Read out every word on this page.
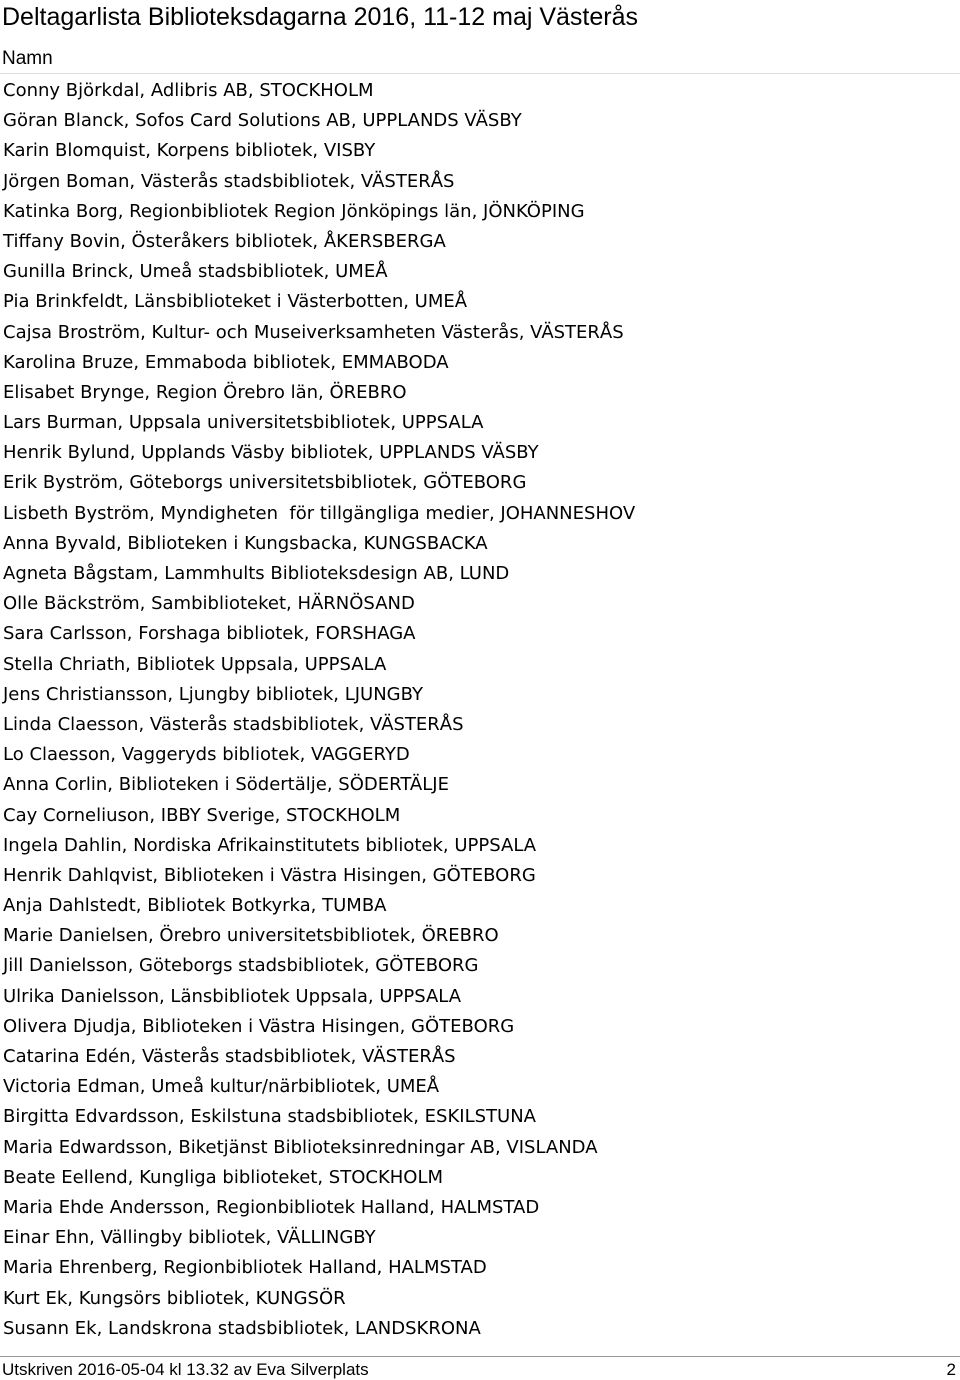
Deltagarlista Biblioteksdagarna 2016, 11-12 maj Västerås
Namn
Conny Björkdal, Adlibris AB, STOCKHOLM
Göran Blanck, Sofos Card Solutions AB, UPPLANDS VÄSBY
Karin Blomquist, Korpens bibliotek, VISBY
Jörgen Boman, Västerås stadsbibliotek, VÄSTERÅS
Katinka Borg, Regionbibliotek Region Jönköpings län, JÖNKÖPING
Tiffany Bovin, Österåkers bibliotek, ÅKERSBERGA
Gunilla Brinck, Umeå stadsbibliotek, UMEÅ
Pia Brinkfeldt, Länsbiblioteket i Västerbotten, UMEÅ
Cajsa Broström, Kultur- och Museiverksamheten Västerås, VÄSTERÅS
Karolina Bruze, Emmaboda bibliotek, EMMABODA
Elisabet Brynge, Region Örebro län, ÖREBRO
Lars Burman, Uppsala universitetsbibliotek, UPPSALA
Henrik Bylund, Upplands Väsby bibliotek, UPPLANDS VÄSBY
Erik Byström, Göteborgs universitetsbibliotek, GÖTEBORG
Lisbeth Byström, Myndigheten  för tillgängliga medier, JOHANNESHOV
Anna Byvald, Biblioteken i Kungsbacka, KUNGSBACKA
Agneta Bågstam, Lammhults Biblioteksdesign AB, LUND
Olle Bäckström, Sambiblioteket, HÄRNÖSAND
Sara Carlsson, Forshaga bibliotek, FORSHAGA
Stella Chriath, Bibliotek Uppsala, UPPSALA
Jens Christiansson, Ljungby bibliotek, LJUNGBY
Linda Claesson, Västerås stadsbibliotek, VÄSTERÅS
Lo Claesson, Vaggeryds bibliotek, VAGGERYD
Anna Corlin, Biblioteken i Södertälje, SÖDERTÄLJE
Cay Corneliuson, IBBY Sverige, STOCKHOLM
Ingela Dahlin, Nordiska Afrikainstitutets bibliotek, UPPSALA
Henrik Dahlqvist, Biblioteken i Västra Hisingen, GÖTEBORG
Anja Dahlstedt, Bibliotek Botkyrka, TUMBA
Marie Danielsen, Örebro universitetsbibliotek, ÖREBRO
Jill Danielsson, Göteborgs stadsbibliotek, GÖTEBORG
Ulrika Danielsson, Länsbibliotek Uppsala, UPPSALA
Olivera Djudja, Biblioteken i Västra Hisingen, GÖTEBORG
Catarina Edén, Västerås stadsbibliotek, VÄSTERÅS
Victoria Edman, Umeå kultur/närbibliotek, UMEÅ
Birgitta Edvardsson, Eskilstuna stadsbibliotek, ESKILSTUNA
Maria Edwardsson, Biketjänst Biblioteksinredningar AB, VISLANDA
Beate Eellend, Kungliga biblioteket, STOCKHOLM
Maria Ehde Andersson, Regionbibliotek Halland, HALMSTAD
Einar Ehn, Vällingby bibliotek, VÄLLINGBY
Maria Ehrenberg, Regionbibliotek Halland, HALMSTAD
Kurt Ek, Kungsörs bibliotek, KUNGSÖR
Susann Ek, Landskrona stadsbibliotek, LANDSKRONA
Utskriven 2016-05-04 kl 13.32 av Eva Silverplats	2
